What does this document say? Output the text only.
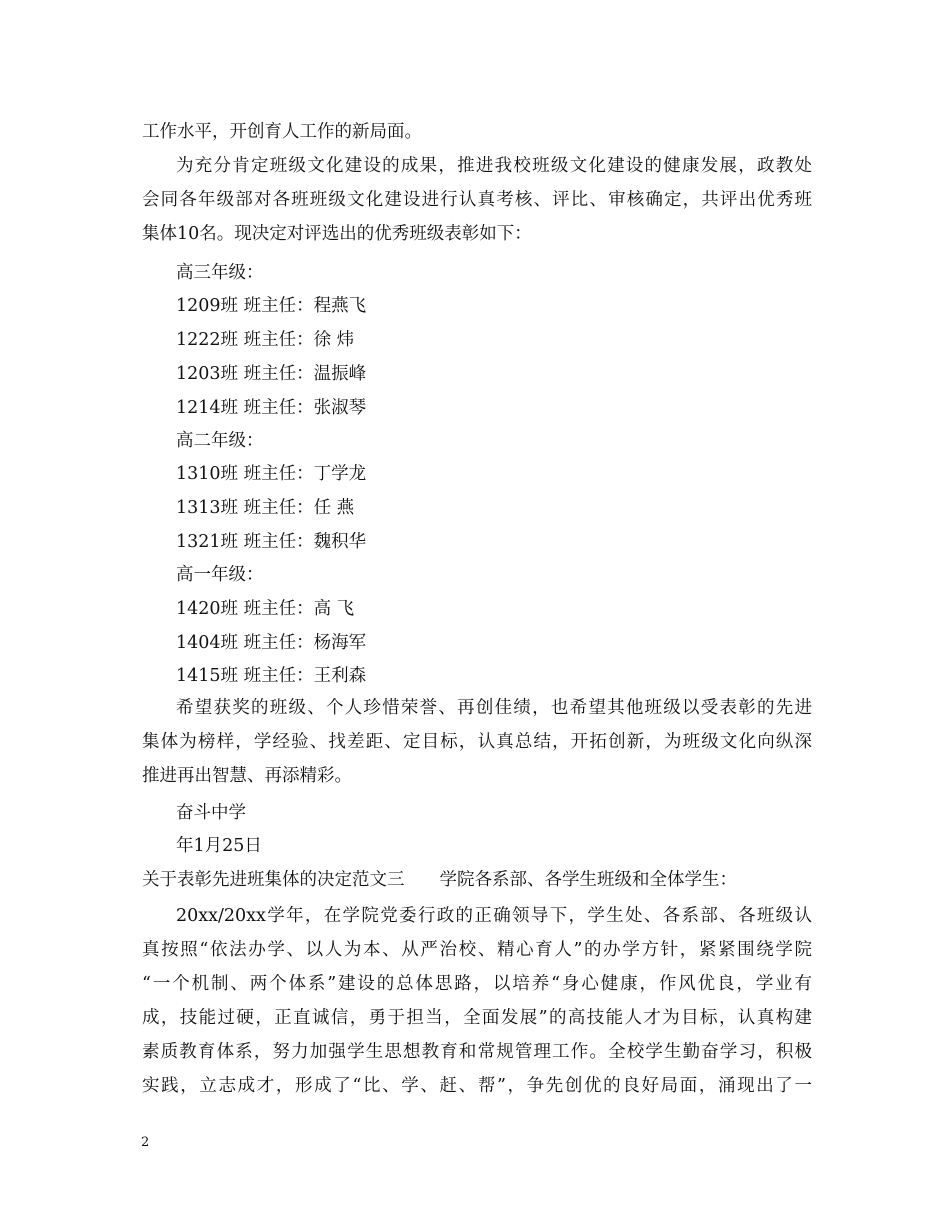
工作水平，开创育人工作的新局面。
为充分肯定班级文化建设的成果，推进我校班级文化建设的健康发展，政教处
会同各年级部对各班班级文化建设进行认真考核、评比、审核确定，共评出优秀班
集体10名。现决定对评选出的优秀班级表彰如下：
高三年级：
1209班 班主任：程燕飞
1222班 班主任：徐 炜
1203班 班主任：温振峰
1214班 班主任：张淑琴
高二年级：
1310班 班主任：丁学龙
1313班 班主任：任 燕
1321班 班主任：魏积华
高一年级：
1420班 班主任：高 飞
1404班 班主任：杨海军
1415班 班主任：王利森
希望获奖的班级、个人珍惜荣誉、再创佳绩，也希望其他班级以受表彰的先进
集体为榜样，学经验、找差距、定目标，认真总结，开拓创新，为班级文化向纵深
推进再出智慧、再添精彩。
奋斗中学
年1月25日
关于表彰先进班集体的决定范文三　　学院各系部、各学生班级和全体学生：
20xx/20xx学年，在学院党委行政的正确领导下，学生处、各系部、各班级认
真按照“依法办学、以人为本、从严治校、精心育人”的办学方针，紧紧围绕学院
“一个机制、两个体系”建设的总体思路，以培养“身心健康，作风优良，学业有
成，技能过硬，正直诚信，勇于担当，全面发展”的高技能人才为目标，认真构建
素质教育体系，努力加强学生思想教育和常规管理工作。全校学生勤奋学习，积极
实践，立志成才，形成了“比、学、赶、帮”，争先创优的良好局面，涌现出了一
2
